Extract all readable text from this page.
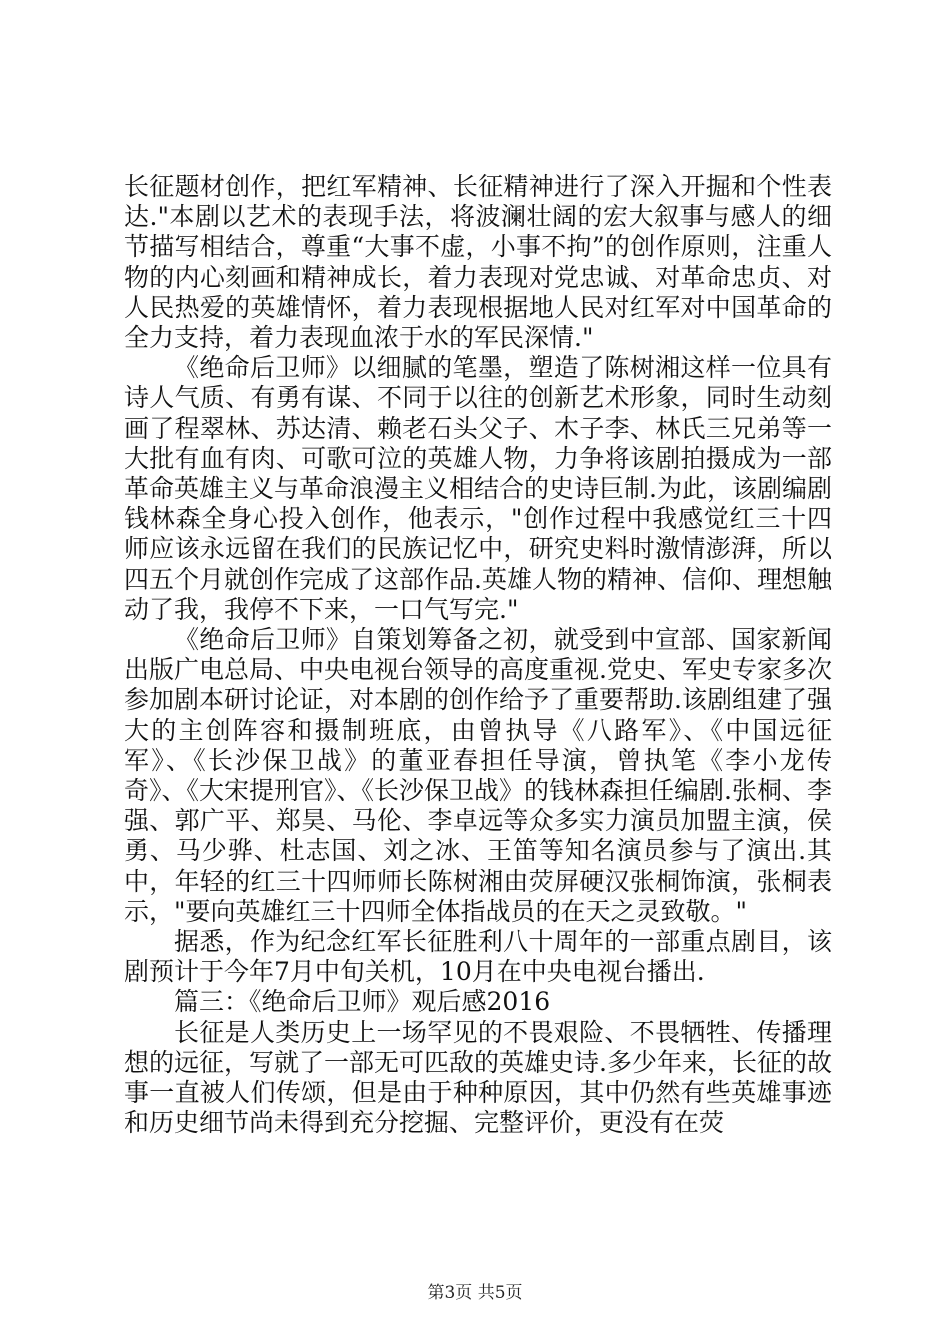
长征题材创作，把红军精神、长征精神进行了深入开掘和个性表达."本剧以艺术的表现手法，将波澜壮阔的宏大叙事与感人的细节描写相结合，尊重“大事不虚，小事不拘”的创作原则，注重人物的内心刻画和精神成长，着力表现对党忠诚、对革命忠贞、对人民热爱的英雄情怀，着力表现根据地人民对红军对中国革命的全力支持，着力表现血浓于水的军民深情."

《绝命后卫师》以细腻的笔墨，塑造了陈树湘这样一位具有诗人气质、有勇有谋、不同于以往的创新艺术形象，同时生动刻画了程翠林、苏达清、赖老石头父子、木子李、林氏三兄弟等一大批有血有肉、可歌可泣的英雄人物，力争将该剧拍摄成为一部革命英雄主义与革命浪漫主义相结合的史诗巨制.为此，该剧编剧钱林森全身心投入创作，他表示，"创作过程中我感觉红三十四师应该永远留在我们的民族记忆中，研究史料时激情澎湃，所以四五个月就创作完成了这部作品.英雄人物的精神、信仰、理想触动了我，我停不下来，一口气写完."

《绝命后卫师》自策划筹备之初，就受到中宣部、国家新闻出版广电总局、中央电视台领导的高度重视.党史、军史专家多次参加剧本研讨论证，对本剧的创作给予了重要帮助.该剧组建了强大的主创阵容和摄制班底，由曾执导《八路军》、《中国远征军》、《长沙保卫战》的董亚春担任导演，曾执笔《李小龙传奇》、《大宋提刑官》、《长沙保卫战》的钱林森担任编剧.张桐、李强、郭广平、郑昊、马伦、李卓远等众多实力演员加盟主演，侯勇、马少骅、杜志国、刘之冰、王笛等知名演员参与了演出.其中，年轻的红三十四师师长陈树湘由荧屏硬汉张桐饰演，张桐表示，"要向英雄红三十四师全体指战员的在天之灵致敬。"

据悉，作为纪念红军长征胜利八十周年的一部重点剧目，该剧预计于今年7月中旬关机，10月在中央电视台播出.

篇三：《绝命后卫师》观后感2016

长征是人类历史上一场罕见的不畏艰险、不畏牺牲、传播理想的远征，写就了一部无可匹敌的英雄史诗.多少年来，长征的故事一直被人们传颂，但是由于种种原因，其中仍然有些英雄事迹和历史细节尚未得到充分挖掘、完整评价，更没有在荧

第3页 共5页
